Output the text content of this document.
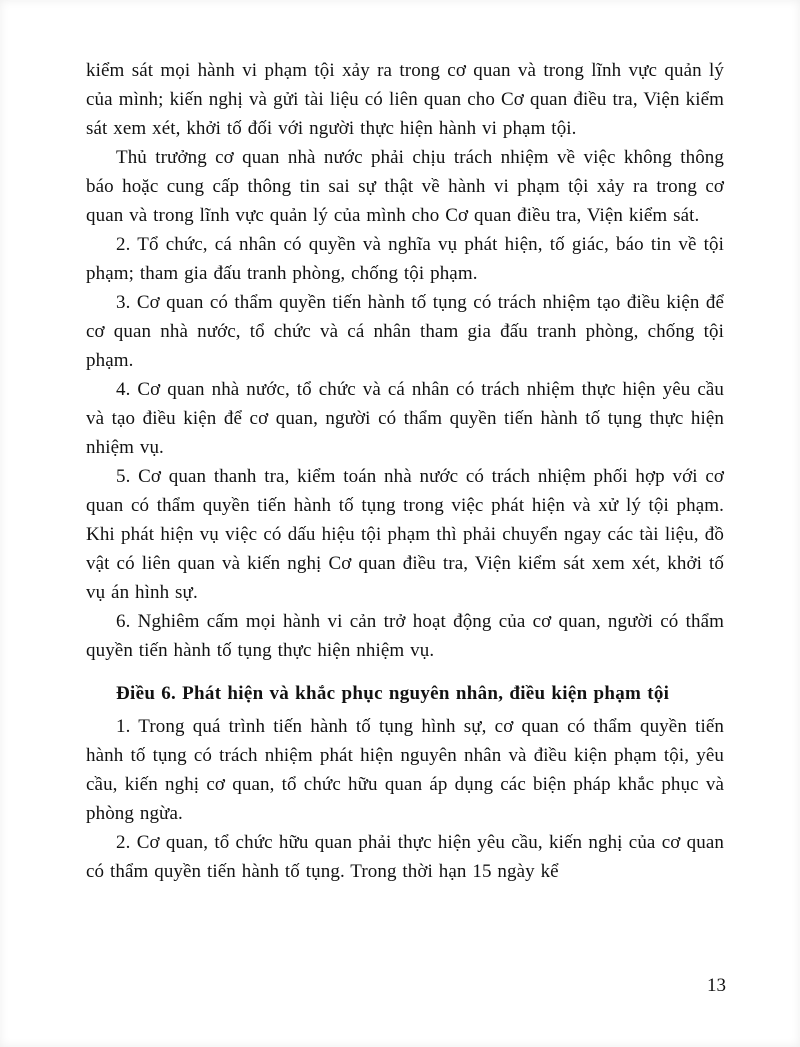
kiểm sát mọi hành vi phạm tội xảy ra trong cơ quan và trong lĩnh vực quản lý của mình; kiến nghị và gửi tài liệu có liên quan cho Cơ quan điều tra, Viện kiểm sát xem xét, khởi tố đối với người thực hiện hành vi phạm tội.

Thủ trưởng cơ quan nhà nước phải chịu trách nhiệm về việc không thông báo hoặc cung cấp thông tin sai sự thật về hành vi phạm tội xảy ra trong cơ quan và trong lĩnh vực quản lý của mình cho Cơ quan điều tra, Viện kiểm sát.

2. Tổ chức, cá nhân có quyền và nghĩa vụ phát hiện, tố giác, báo tin về tội phạm; tham gia đấu tranh phòng, chống tội phạm.

3. Cơ quan có thẩm quyền tiến hành tố tụng có trách nhiệm tạo điều kiện để cơ quan nhà nước, tổ chức và cá nhân tham gia đấu tranh phòng, chống tội phạm.

4. Cơ quan nhà nước, tổ chức và cá nhân có trách nhiệm thực hiện yêu cầu và tạo điều kiện để cơ quan, người có thẩm quyền tiến hành tố tụng thực hiện nhiệm vụ.

5. Cơ quan thanh tra, kiểm toán nhà nước có trách nhiệm phối hợp với cơ quan có thẩm quyền tiến hành tố tụng trong việc phát hiện và xử lý tội phạm. Khi phát hiện vụ việc có dấu hiệu tội phạm thì phải chuyển ngay các tài liệu, đồ vật có liên quan và kiến nghị Cơ quan điều tra, Viện kiểm sát xem xét, khởi tố vụ án hình sự.

6. Nghiêm cấm mọi hành vi cản trở hoạt động của cơ quan, người có thẩm quyền tiến hành tố tụng thực hiện nhiệm vụ.

Điều 6. Phát hiện và khắc phục nguyên nhân, điều kiện phạm tội

1. Trong quá trình tiến hành tố tụng hình sự, cơ quan có thẩm quyền tiến hành tố tụng có trách nhiệm phát hiện nguyên nhân và điều kiện phạm tội, yêu cầu, kiến nghị cơ quan, tổ chức hữu quan áp dụng các biện pháp khắc phục và phòng ngừa.

2. Cơ quan, tổ chức hữu quan phải thực hiện yêu cầu, kiến nghị của cơ quan có thẩm quyền tiến hành tố tụng. Trong thời hạn 15 ngày kể

13
